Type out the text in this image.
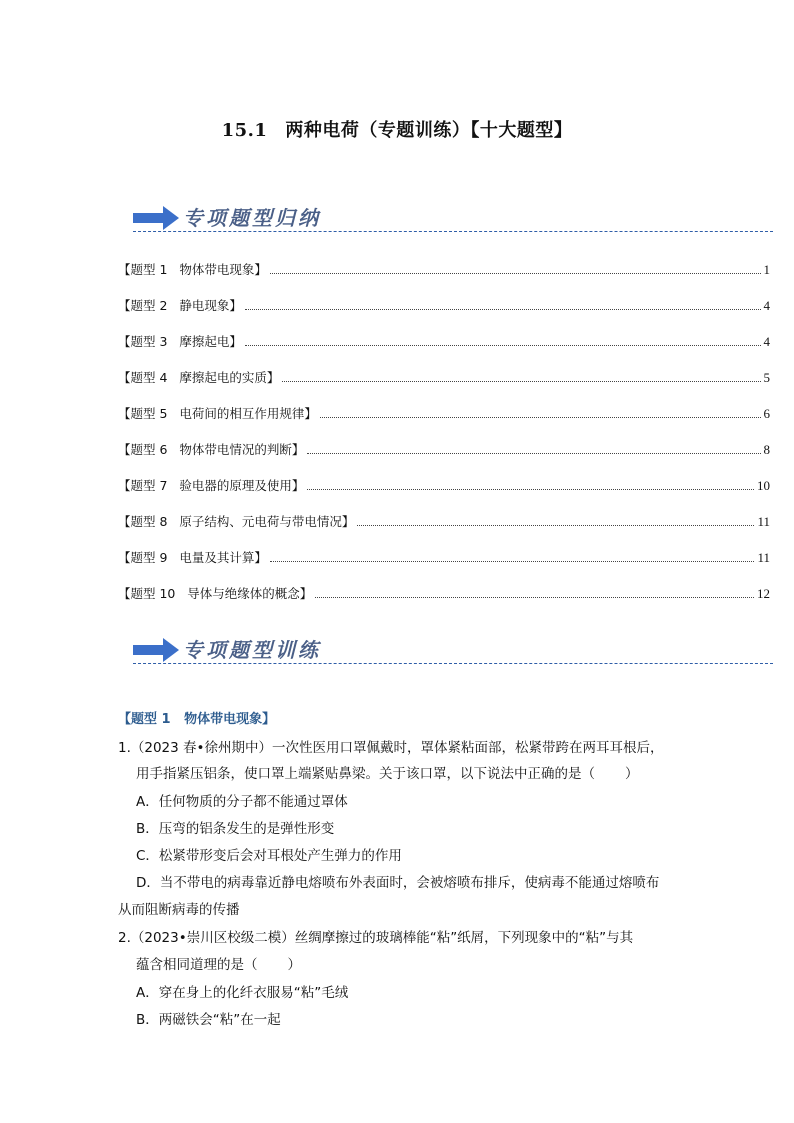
15.1 两种电荷（专题训练）【十大题型】
专项题型归纳
【题型 1   物体带电现象】	1
【题型 2   静电现象】	4
【题型 3   摩擦起电】	4
【题型 4   摩擦起电的实质】	5
【题型 5   电荷间的相互作用规律】	6
【题型 6   物体带电情况的判断】	8
【题型 7   验电器的原理及使用】	10
【题型 8   原子结构、元电荷与带电情况】	11
【题型 9   电量及其计算】	11
【题型 10   导体与绝缘体的概念】	12
专项题型训练
【题型 1   物体带电现象】
1.（2023 春•徐州期中）一次性医用口罩佩戴时，罩体紧粘面部，松紧带跨在两耳耳根后，
用手指紧压铝条，使口罩上端紧贴鼻梁。关于该口罩，以下说法中正确的是（       ）
A．任何物质的分子都不能通过罩体
B．压弯的铝条发生的是弹性形变
C．松紧带形变后会对耳根处产生弹力的作用
D．当不带电的病毒靠近静电熔喷布外表面时，会被熔喷布排斥，使病毒不能通过熔喷布
从而阻断病毒的传播
2.（2023•崇川区校级二模）丝绸摩擦过的玻璃棒能“粘”纸屑，下列现象中的“粘”与其
蕴含相同道理的是（       ）
A．穿在身上的化纤衣服易“粘”毛绒
B．两磁铁会“粘”在一起
